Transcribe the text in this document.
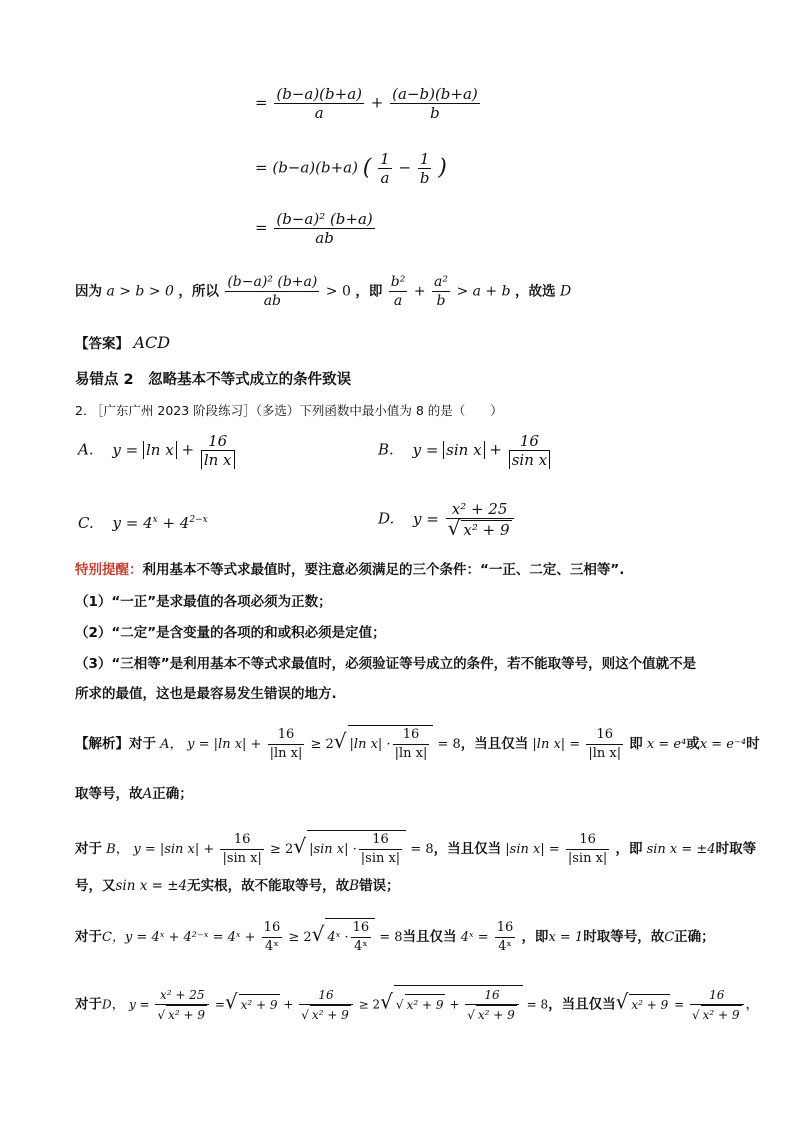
= $\frac{(b-a)(b+a)}{a} + \frac{(a-b)(b+a)}{b}$
= (b−a)(b+a) ( $\frac{1}{a} - \frac{1}{b}$ )
= $\frac{\text{(b−a)² (b+a)}}{ab}$
因为 a > b > 0 ，所以 $\frac{\text{(b−a)² (b+a)}}{ab} > 0$ ，即 $\frac{\text{b²}}{a} + \frac{\text{a²}}{b} > a + b$ ，故选 D
【答案】 ACD
易错点 2　忽略基本不等式成立的条件致误
2. ［广东广州 2023 阶段练习］（多选）下列函数中最小值为 8 的是（　　）
A. $y = \ln x + \frac{16}{\text{ln x}}$	B. $y = \sin x + \frac{16}{\text{sin x}}$
C. $y = 4^x + 4^{2-x}$	D. $y = \frac{\text{x² + 25}}{\text{√ x² + 9}}$
特别提醒：利用基本不等式求最值时，要注意必须满足的三个条件：“一正、二定、三相等”.
（1）“一正”是求最值的各项必须为正数；
（2）“二定”是含变量的各项的和或积必须是定值；
（3）“三相等”是利用基本不等式求最值时，必须验证等号成立的条件，若不能取等号，则这个值就不是
所求的最值，这也是最容易发生错误的地方.
【解析】对于 A， y = |ln $x| + \frac{16}{\text{|ln x|}} \ge 2√$ |ln $x| \cdot \frac{16}{\text{|ln x|}} = 8$，当且仅当 |ln $x| = \frac{16}{\text{|ln x|}}$ 即 x = e⁴或x = e⁻⁴时
取等号，故A正确；
对于 B， y = |sin $x| + \frac{16}{\text{|sin x|}} \ge 2√$ |sin $x| \cdot \frac{16}{\text{|sin x|}} = 8$，当且仅当 |sin $x| = \frac{16}{\text{|sin x|}}$ ，即 sin x = ±4时取等
号，又sin x = ±4无实根，故不能取等号，故B错误；
对于C，y = 4ˣ + 4²⁻ˣ = 4ˣ + $\frac{16}{\text{4ˣ}} \ge 2√$ 4ˣ · $\frac{16}{\text{4ˣ}} = 8$当且仅当 4ˣ = $\frac{16}{\text{4ˣ}}$ ，即x = 1时取等号，故C正确；
对于D， $y = \frac{\text{x² + 25}}{\text{√ x² + 9}}$ =√ $x^2 + 9 + \frac{16}{\text{√ x² + 9}} \ge 2√$ √ $x^2 + 9 + \frac{16}{\text{√ x² + 9}} = 8$，当且仅当√ $x^2 + 9 = \frac{16}{\text{√ x² + 9}}$ ，
